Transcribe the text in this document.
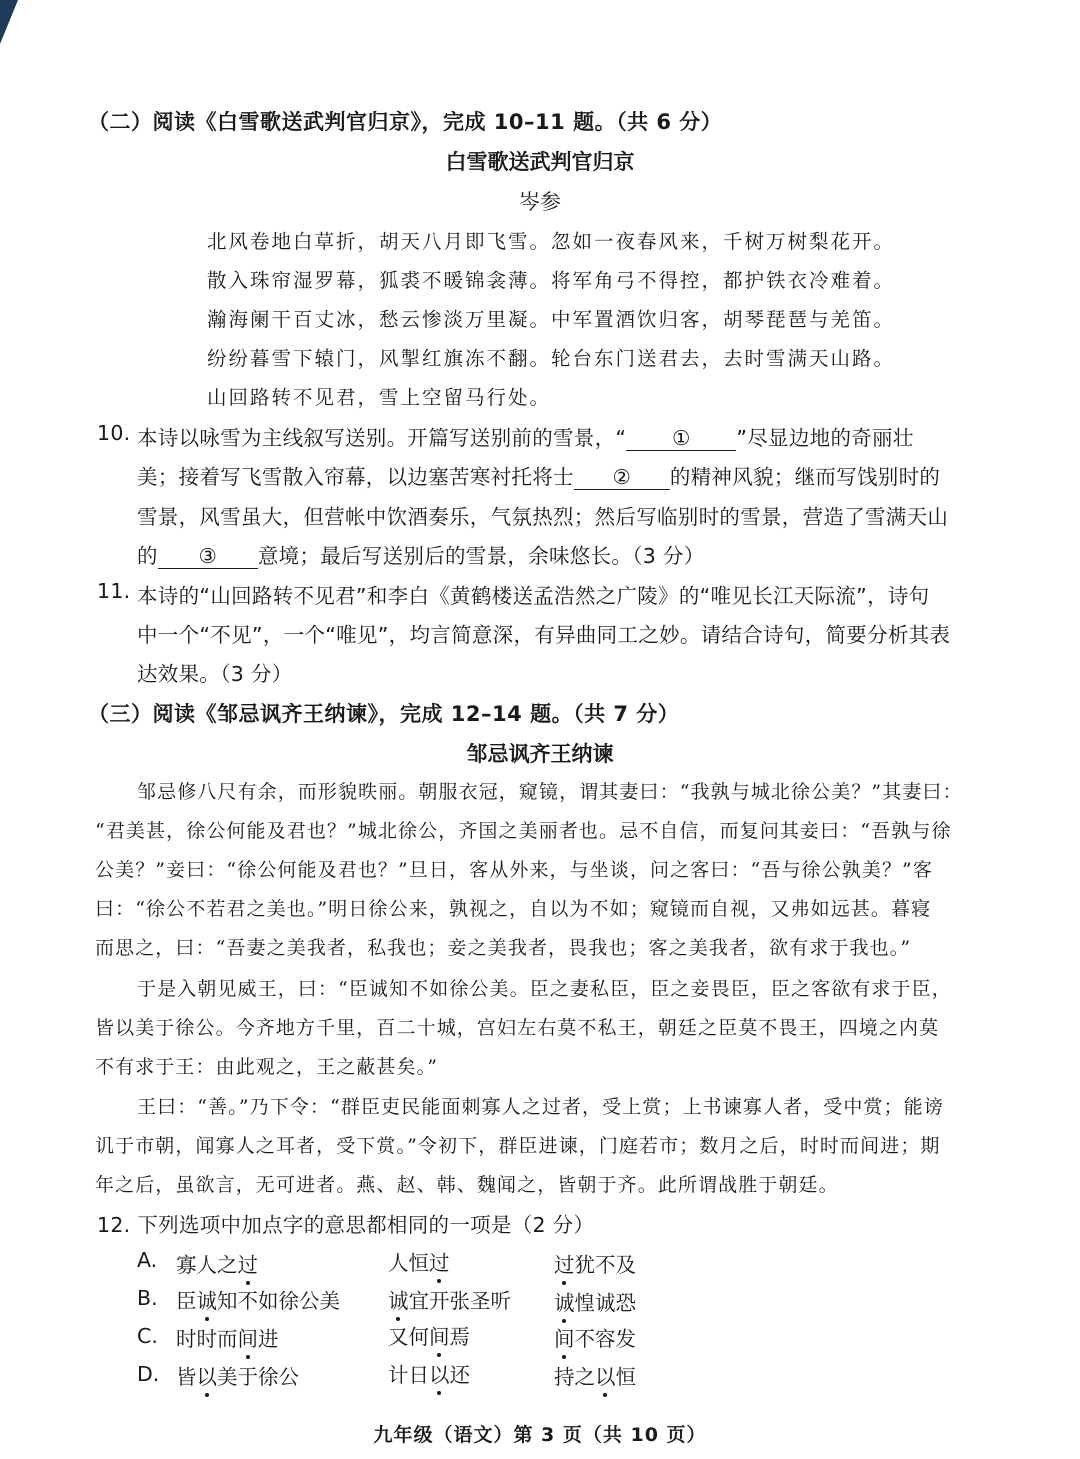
（二）阅读《白雪歌送武判官归京》，完成 10–11 题。（共 6 分）
白雪歌送武判官归京
岑参
北风卷地白草折，胡天八月即飞雪。忽如一夜春风来，千树万树梨花开。
散入珠帘湿罗幕，狐裘不暖锦衾薄。将军角弓不得控，都护铁衣冷难着。
瀚海阑干百丈冰，愁云惨淡万里凝。中军置酒饮归客，胡琴琵琶与羌笛。
纷纷暮雪下辕门，风掣红旗冻不翻。轮台东门送君去，去时雪满天山路。
山回路转不见君，雪上空留马行处。
10. 本诗以咏雪为主线叙写送别。开篇写送别前的雪景，“ ① ”尽显边地的奇丽壮
美；接着写飞雪散入帘幕，以边塞苦寒衬托将士 ② 的精神风貌；继而写饯别时的
雪景，风雪虽大，但营帐中饮酒奏乐，气氛热烈；然后写临别时的雪景，营造了雪满天山
的 ③ 意境；最后写送别后的雪景，余味悠长。（3 分）
11. 本诗的“山回路转不见君”和李白《黄鹤楼送孟浩然之广陵》的“唯见长江天际流”，诗句
中一个“不见”，一个“唯见”，均言简意深，有异曲同工之妙。请结合诗句，简要分析其表
达效果。（3 分）
（三）阅读《邹忌讽齐王纳谏》，完成 12–14 题。（共 7 分）
邹忌讽齐王纳谏
邹忌修八尺有余，而形貌昳丽。朝服衣冠，窥镜，谓其妻曰：“我孰与城北徐公美？”其妻曰：
“君美甚，徐公何能及君也？”城北徐公，齐国之美丽者也。忌不自信，而复问其妾曰：“吾孰与徐
公美？”妾曰：“徐公何能及君也？”旦日，客从外来，与坐谈，问之客曰：“吾与徐公孰美？”客
曰：“徐公不若君之美也。”明日徐公来，孰视之，自以为不如；窥镜而自视，又弗如远甚。暮寝
而思之，曰：“吾妻之美我者，私我也；妾之美我者，畏我也；客之美我者，欲有求于我也。”
于是入朝见威王，曰：“臣诚知不如徐公美。臣之妻私臣，臣之妾畏臣，臣之客欲有求于臣，
皆以美于徐公。今齐地方千里，百二十城，宫妇左右莫不私王，朝廷之臣莫不畏王，四境之内莫
不有求于王：由此观之，王之蔽甚矣。”
王曰：“善。”乃下令：“群臣吏民能面刺寡人之过者，受上赏；上书谏寡人者，受中赏；能谤
讥于市朝，闻寡人之耳者，受下赏。”令初下，群臣进谏，门庭若市；数月之后，时时而间进；期
年之后，虽欲言，无可进者。燕、赵、韩、魏闻之，皆朝于齐。此所谓战胜于朝廷。
12. 下列选项中加点字的意思都相同的一项是（2 分）
A. 寡人之过	人恒过	过犹不及
B. 臣诚知不如徐公美 诚宜开张圣听 诚惶诚恐
C. 时时而间进	又何间焉	间不容发
D. 皆以美于徐公	计日以还	持之以恒
九年级（语文）第 3 页（共 10 页）
